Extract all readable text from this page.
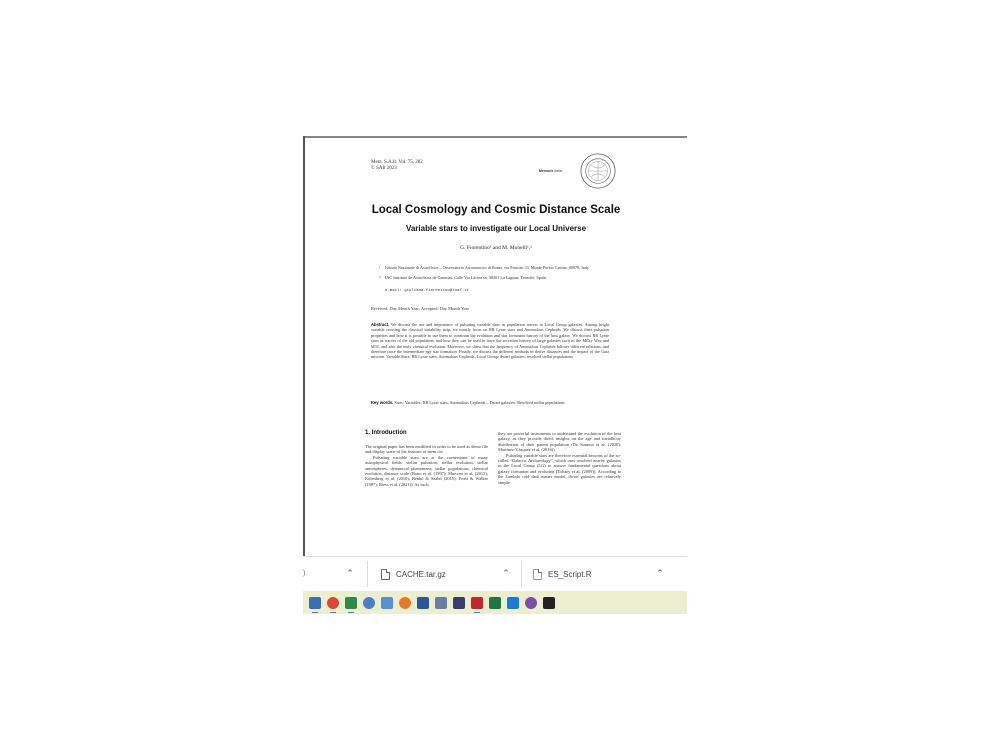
Mem. S.A.It. Vol. 75, 282
© SAIt 2023	Memorie della
Local Cosmology and Cosmic Distance Scale
Variable stars to investigate our Local Universe
G. Fiorentino¹ and M. Monelli¹,²
1 Istituto Nazionale di Astrofisica – Osservatorio Astronomico di Roma, via Frascati 33, Monte Porzio Catone, 00078, Italy
2 IAC Instituto de Astrofísica de Canarias, Calle Via Láctea sn, 38201 La Laguna, Tenerife, Spain
e-mail: giuliana.fiorentino@inaf.it
Received: Day Month Year; Accepted: Day Month Year
Abstract. We discuss the use and importance of pulsating variable stars as population tracers in Local Group galaxies. Among bright variable crossing the classical instability strip, we mostly focus on RR Lyrae stars and Anomalous Cepheids. We discuss their pulsation properties and how it is possible to use them to constrain the evolution and star formation history of the host galaxy. We discuss RR Lyrae stars as tracers of the old population, and how they can be used to trace the accretion history of large galaxies such as the Milky Way and M31, and also the early chemical evolution. Moreover, we show that the frequency of Anomalous Cepheids follows different relations, and therefore trace the intermediate-age star formation. Finally, we discuss the different methods to derive distances and the impact of the Gaia mission. Variable Stars; RR Lyrae stars; Anomalous Cepheids; Local Group; dwarf galaxies; resolved stellar populations
Key words. Stars: Variables: RR Lyrae stars, Anomalous Cepheids – Dwarf galaxies: Resolved stellar populations
1. Introduction

The original paper has been modified in order to be used as demo file and display some of the features of mem.cls.

Pulsating variable stars are at the cornerstone of many astrophysical fields: stellar pulsation, stellar evolution, stellar atmospheres, dynamical phenomena, stellar populations, chemical evolution, distance scale (Bono et al. (1997); Marconi et al. (2015); Kolenberg et al. (2010); Benkő & Szabó (2015); Feast & Walker (1987); Riess et al. (2021)). As such,

they are powerful instruments to understand the evolution of the host galaxy, as they provide direct insights on the age and metallicity distribution of their parent population (De Somma et al. (2020); Martínez-Vázquez et al. (2016)).

Pulsating variable stars are therefore essential beacons of the so-called “Galactic Archaeology”, which uses resolved nearby galaxies in the Local Group (LG) to answer fundamental questions about galaxy formation and evolution (Tolstoy et al. (2009)). According to the Lambda cold dark matter model, dwarf galaxies are relatively simple

)	⌃	CACHE.tar.gz	⌃	ES_Script.R	⌃
